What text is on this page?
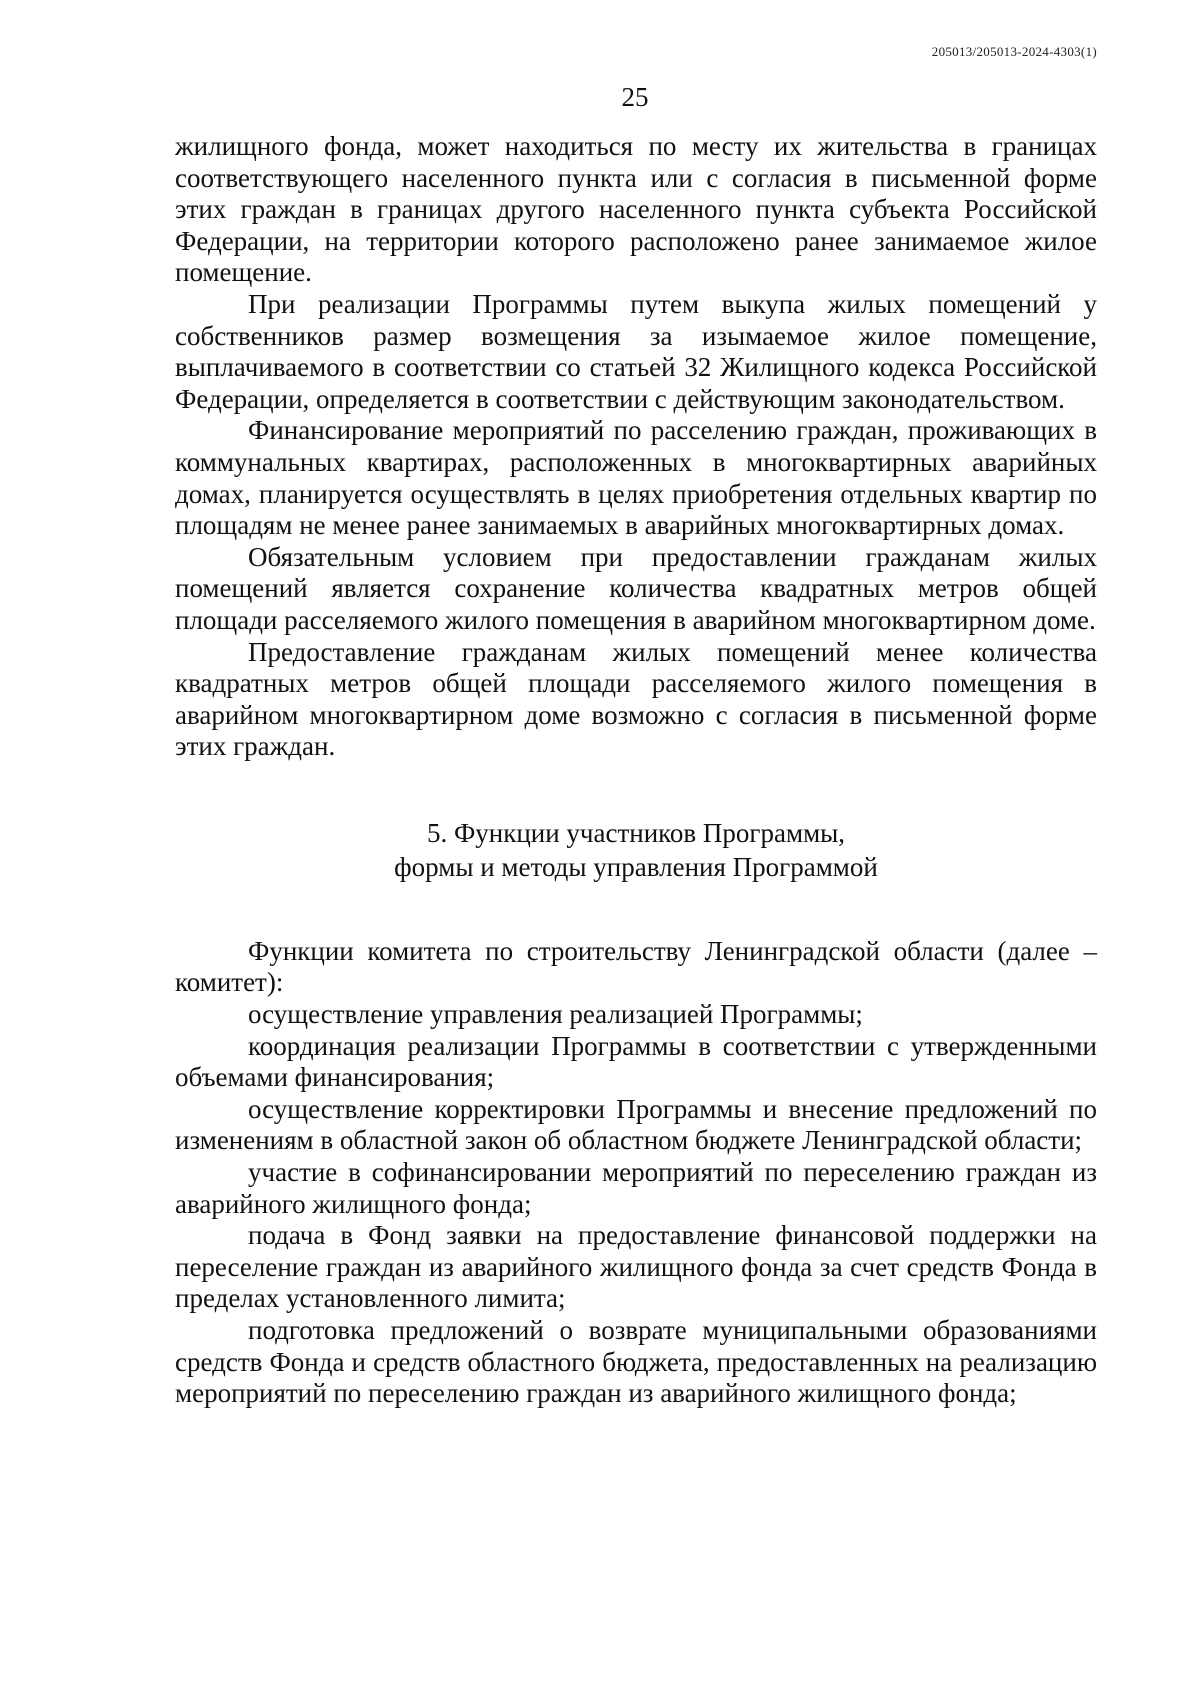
205013/205013-2024-4303(1)
25

жилищного фонда, может находиться по месту их жительства в границах соответствующего населенного пункта или с согласия в письменной форме этих граждан в границах другого населенного пункта субъекта Российской Федерации, на территории которого расположено ранее занимаемое жилое помещение.

При реализации Программы путем выкупа жилых помещений у собственников размер возмещения за изымаемое жилое помещение, выплачиваемого в соответствии со статьей 32 Жилищного кодекса Российской Федерации, определяется в соответствии с действующим законодательством.

Финансирование мероприятий по расселению граждан, проживающих в коммунальных квартирах, расположенных в многоквартирных аварийных домах, планируется осуществлять в целях приобретения отдельных квартир по площадям не менее ранее занимаемых в аварийных многоквартирных домах.

Обязательным условием при предоставлении гражданам жилых помещений является сохранение количества квадратных метров общей площади расселяемого жилого помещения в аварийном многоквартирном доме.

Предоставление гражданам жилых помещений менее количества квадратных метров общей площади расселяемого жилого помещения в аварийном многоквартирном доме возможно с согласия в письменной форме этих граждан.

5. Функции участников Программы,
формы и методы управления Программой

Функции комитета по строительству Ленинградской области (далее – комитет):

осуществление управления реализацией Программы;

координация реализации Программы в соответствии с утвержденными объемами финансирования;

осуществление корректировки Программы и внесение предложений по изменениям в областной закон об областном бюджете Ленинградской области;

участие в софинансировании мероприятий по переселению граждан из аварийного жилищного фонда;

подача в Фонд заявки на предоставление финансовой поддержки на переселение граждан из аварийного жилищного фонда за счет средств Фонда в пределах установленного лимита;

подготовка предложений о возврате муниципальными образованиями средств Фонда и средств областного бюджета, предоставленных на реализацию мероприятий по переселению граждан из аварийного жилищного фонда;
